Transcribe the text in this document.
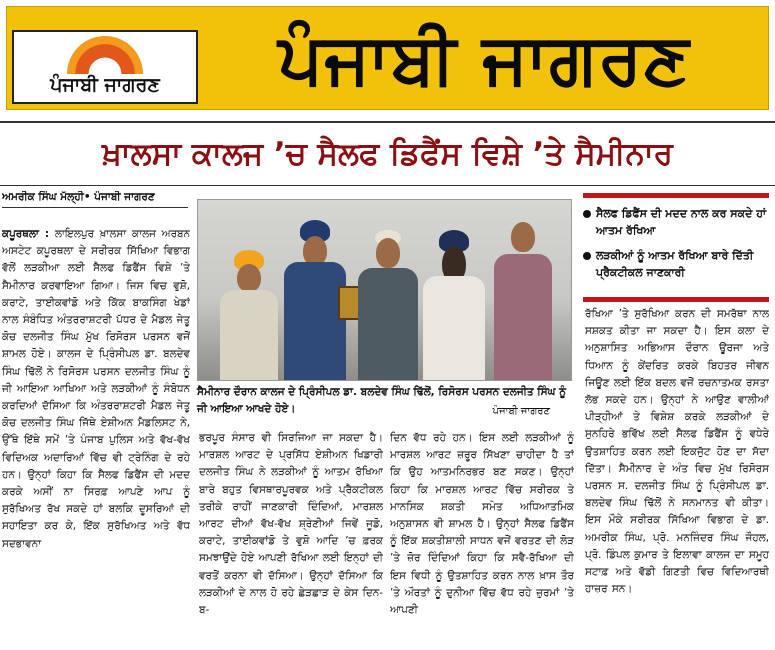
ਪੰਜਾਬੀ ਜਾਗਰਣ	ਪੰਜਾਬੀ ਜਾਗਰਣ
ਖ਼ਾਲਸਾ ਕਾਲਜ ’ਚ ਸੈਲਫ ਡਿਫੈਂਸ ਵਿਸ਼ੇ ’ਤੇ ਸੈਮੀਨਾਰ
ਅਮਰੀਕ ਸਿੰਘ ਮੱਲ੍ਹੀ• ਪੰਜਾਬੀ ਜਾਗਰਣ

ਕਪੂਰਥਲਾ : ਲਾਇਲਪੁਰ ਖ਼ਾਲਸਾ ਕਾਲਜ ਅਰਬਨ ਅਸਟੇਟ ਕਪੂਰਥਲਾ ਦੇ ਸਰੀਰਕ ਸਿੱਖਿਆ ਵਿਭਾਗ ਵੱਲੋਂ ਲੜਕੀਆ ਲਈ ਸੈਲਫ ਡਿਫੈਂਸ ਵਿਸ਼ੇ ’ਤੇ ਸੈਮੀਨਾਰ ਕਰਵਾਇਆ ਗਿਆ। ਜਿਸ ਵਿਚ ਵੁਸ਼ੋ, ਕਰਾਟੇ, ਤਾਈਕਵਾਂਡੋ ਅਤੇ ਕਿੱਕ ਬਾਕਸਿੰਗ ਖੇਡਾਂ ਨਾਲ ਸੰਬੰਧਿਤ ਅੰਤਰਰਾਸ਼ਟਰੀ ਪੱਧਰ ਦੇ ਮੈਡਲ ਜੇਤੂ ਕੋਚ ਦਲਜੀਤ ਸਿੰਘ ਮੁੱਖ ਰਿਸੋਰਸ ਪਰਸਨ ਵਜੋਂ ਸ਼ਾਮਲ ਹੋਏ। ਕਾਲਜ ਦੇ ਪ੍ਰਿੰਸੀਪਲ ਡਾ. ਬਲਦੇਵ ਸਿੰਘ ਢਿੱਲੋਂ ਨੇ ਰਿਸੋਰਸ ਪਰਸਨ ਦਲਜੀਤ ਸਿੰਘ ਨੂੰ ਜੀ ਆਇਆ ਆਖਿਆ ਅਤੇ ਲੜਕੀਆਂ ਨੂੰ ਸੰਬੋਧਨ ਕਰਦਿਆਂ ਦੱਸਿਆ ਕਿ ਅੰਤਰਰਾਸ਼ਟਰੀ ਮੈਡਲ ਜੇਤੂ ਕੋਚ ਦਲਜੀਤ ਸਿੰਘ ਜਿੱਥੇ ਏਸ਼ੀਅਨ ਮੈਡਲਿਸਟ ਨੇ, ਉੱਥੇ ਇੱਥੇ ਸਮੇਂ ’ਤੇ ਪੰਜਾਬ ਪੁਲਿਸ ਅਤੇ ਵੱਖ-ਵੱਖ ਵਿਦਿਅਕ ਅਦਾਰਿਆਂ ਵਿੱਚ ਵੀ ਟ੍ਰੇਨਿੰਗ ਦੇ ਰਹੇ ਹਨ। ਉਨ੍ਹਾਂ ਕਿਹਾ ਕਿ ਸੈਲਫ ਡਿਫੈਂਸ ਦੀ ਮਦਦ ਕਰਕੇ ਅਸੀਂ ਨਾ ਸਿਰਫ਼ ਆਪਣੇ ਆਪ ਨੂੰ ਸੁਰੱਖਿਅਤ ਰੱਖ ਸਕਦੇ ਹਾਂ ਬਲਕਿ ਦੂਸਰਿਆਂ ਦੀ ਸਹਾਇਤਾ ਕਰ ਕੇ, ਇੱਕ ਸੁਰੱਖਿਅਤ ਅਤੇ ਵੱਧ ਸਦਭਾਵਨਾ

ਸੈਮੀਨਾਰ ਦੌਰਾਨ ਕਾਲਜ ਦੇ ਪ੍ਰਿੰਸੀਪਲ ਡਾ. ਬਲਦੇਵ ਸਿੰਘ ਢਿੱਲੋਂ, ਰਿਸੋਰਸ ਪਰਸਨ ਦਲਜੀਤ ਸਿੰਘ ਨੂੰ ਜੀ ਆਇਆ ਆਖਦੇ ਹੋਏ।	ਪੰਜਾਬੀ ਜਾਗਰਣ

ਭਰਪੂਰ ਸੰਸਾਰ ਵੀ ਸਿਰਜਿਆ ਜਾ ਸਕਦਾ ਹੈ। ਮਾਰਸ਼ਲ ਆਰਟ ਦੇ ਪ੍ਰਸਿੱਧ ਏਸ਼ੀਅਨ ਖਿਡਾਰੀ ਦਲਜੀਤ ਸਿੰਘ ਨੇ ਲੜਕੀਆਂ ਨੂੰ ਆਤਮ ਰੱਖਿਆ ਬਾਰੇ ਬਹੁਤ ਵਿਸਥਾਰਪੂਰਵਕ ਅਤੇ ਪ੍ਰੈਕਟੀਕਲ ਤਰੀਕੇ ਰਾਹੀਂ ਜਾਣਕਾਰੀ ਦਿੰਦਿਆਂ, ਮਾਰਸ਼ਲ ਆਰਟ ਦੀਆਂ ਵੱਖ-ਵੱਖ ਸ਼੍ਰੇਣੀਆਂ ਜਿਵੇਂ ਜੂਡੋ, ਕਰਾਟੇ, ਤਾਈਕਵਾਂਡੋ ਤੇ ਵੁਸ਼ੋ ਆਦਿ ’ਚ ਫ਼ਰਕ ਸਮਝਾਉਂਦੇ ਹੋਏ ਆਪਣੀ ਰੱਖਿਆ ਲਈ ਇਨ੍ਹਾਂ ਦੀ ਵਰਤੋਂ ਕਰਨਾ ਵੀ ਦੱਸਿਆ। ਉਨ੍ਹਾਂ ਦੱਸਿਆ ਕਿ ਲੜਕੀਆਂ ਦੇ ਨਾਲ ਹੋ ਰਹੇ ਛੇੜਛਾੜ ਦੇ ਕੇਸ ਦਿਨ-ਬ-

ਦਿਨ ਵੱਧ ਰਹੇ ਹਨ। ਇਸ ਲਈ ਲੜਕੀਆਂ ਨੂੰ ਮਾਰਸ਼ਲ ਆਰਟ ਜ਼ਰੂਰ ਸਿੱਖਣਾ ਚਾਹੀਦਾ ਹੈ ਤਾਂ ਕਿ ਉਹ ਆਤਮਨਿਰਭਰ ਬਣ ਸਕਣ। ਉਨ੍ਹਾਂ ਕਿਹਾ ਕਿ ਮਾਰਸ਼ਲ ਆਰਟ ਵਿੱਚ ਸਰੀਰਕ ਤੇ ਮਾਨਸਿਕ ਸ਼ਕਤੀ ਸਮੇਤ ਅਧਿਆਤਮਿਕ ਅਨੁਸ਼ਾਸਨ ਵੀ ਸ਼ਾਮਲ ਹੈ। ਉਨ੍ਹਾਂ ਸੈਲਫ ਡਿਫੈਂਸ ਨੂੰ ਇੱਕ ਸ਼ਕਤੀਸ਼ਾਲੀ ਸਾਧਨ ਵਜੋਂ ਵਰਤਣ ਦੀ ਲੋੜ ’ਤੇ ਜ਼ੋਰ ਦਿੰਦਿਆਂ ਕਿਹਾ ਕਿ ਸਵੈ-ਰੱਖਿਆ ਦੀ ਇਸ ਵਿਧੀ ਨੂੰ ਉਤਸ਼ਾਹਿਤ ਕਰਨ ਨਾਲ ਖ਼ਾਸ ਤੌਰ ’ਤੇ ਔਰਤਾਂ ਨੂੰ ਦੁਨੀਆ ਵਿੱਚ ਵੱਧ ਰਹੇ ਜ਼ੁਰਮਾਂ ’ਤੇ ਆਪਣੀ

ਸੈਲਫ ਡਿਫੈਂਸ ਦੀ ਮਦਦ ਨਾਲ ਕਰ ਸਕਦੇ ਹਾਂ ਆਤਮ ਰੱਖਿਆ
ਲੜਕੀਆਂ ਨੂੰ ਆਤਮ ਰੱਖਿਆ ਬਾਰੇ ਦਿੱਤੀ ਪ੍ਰੈਕਟੀਕਲ ਜਾਣਕਾਰੀ

ਰੱਖਿਆ ’ਤੇ ਸੁਰੱਖਿਆ ਕਰਨ ਦੀ ਸਮਰੱਥਾ ਨਾਲ ਸਸ਼ਕਤ ਕੀਤਾ ਜਾ ਸਕਦਾ ਹੈ। ਇਸ ਕਲਾ ਦੇ ਅਨੁਸ਼ਾਸਿਤ ਅਭਿਆਸ ਦੌਰਾਨ ਊਰਜਾ ਅਤੇ ਧਿਆਨ ਨੂੰ ਕੇਂਦਰਿਤ ਕਰਕੇ ਬਿਹਤਰ ਜੀਵਨ ਜਿਊਣ ਲਈ ਇੱਕ ਬਦਲ ਵਜੋਂ ਰਚਨਾਤਮਕ ਰਸਤਾ ਲੱਭ ਸਕਦੇ ਹਨ। ਉਨ੍ਹਾਂ ਨੇ ਆਉਣ ਵਾਲੀਆਂ ਪੀੜ੍ਹੀਆਂ ਤੇ ਵਿਸ਼ੇਸ਼ ਕਰਕੇ ਲੜਕੀਆਂ ਦੇ ਸੁਨਹਿਰੇ ਭਵਿੱਖ ਲਈ ਸੈਲਫ ਡਿਫੈਂਸ ਨੂੰ ਵਧੇਰੇ ਉਤਸ਼ਾਹਿਤ ਕਰਨ ਲਈ ਇਕਜੁੱਟ ਹੋਣ ਦਾ ਸੱਦਾ ਦਿੱਤਾ। ਸੈਮੀਨਾਰ ਦੇ ਅੰਤ ਵਿਚ ਮੁੱਖ ਰਿਸੋਰਸ ਪਰਸਨ ਸ. ਦਲਜੀਤ ਸਿੰਘ ਨੂੰ ਪ੍ਰਿੰਸੀਪਲ ਡਾ. ਬਲਦੇਵ ਸਿੰਘ ਢਿੱਲੋਂ ਨੇ ਸਨਮਾਨਤ ਵੀ ਕੀਤਾ। ਇਸ ਮੌਕੇ ਸਰੀਰਕ ਸਿੱਖਿਆ ਵਿਭਾਗ ਦੇ ਡਾ. ਅਮਰੀਕ ਸਿੰਘ, ਪ੍ਰੋ. ਮਨਜਿੰਦਰ ਸਿੰਘ ਜੌਹਲ, ਪ੍ਰੋ. ਡਿੰਪਲ ਕੁਮਾਰ ਤੇ ਇਲਾਵਾ ਕਾਲਜ ਦਾ ਸਮੂਹ ਸਟਾਫ਼ ਅਤੇ ਵੱਡੀ ਗਿਣਤੀ ਵਿਚ ਵਿਦਿਆਰਥੀ ਹਾਜ਼ਰ ਸਨ।
